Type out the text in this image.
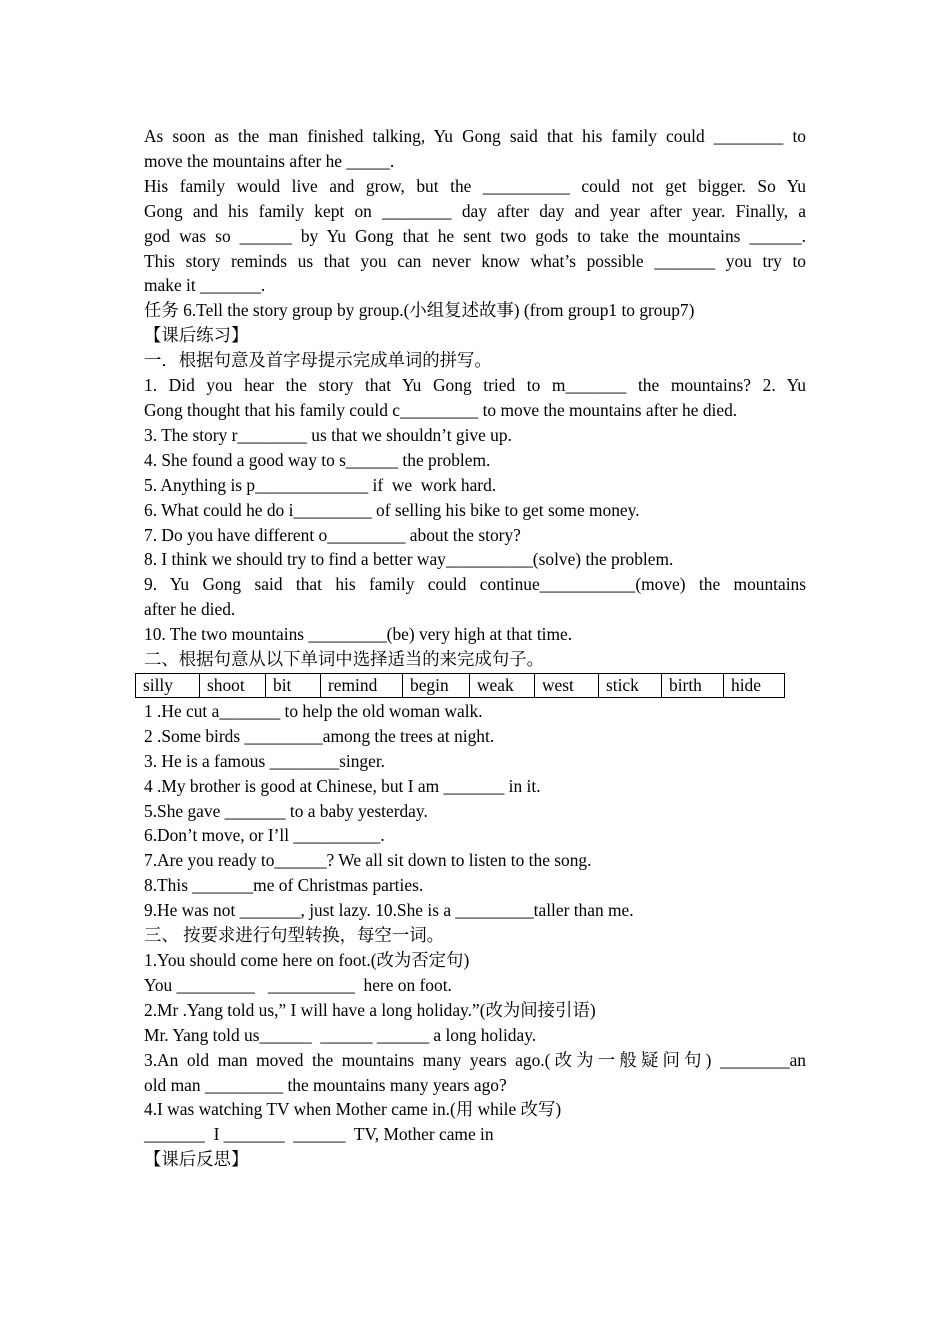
As soon as the man finished talking, Yu Gong said that his family could ________ to
move the mountains after he _____.
His family would live and grow, but the __________ could not get bigger. So Yu
Gong and his family kept on ________ day after day and year after year. Finally, a
god was so ______ by Yu Gong that he sent two gods to take the mountains ______.
This story reminds us that you can never know what’s possible _______ you try to
make it _______.
任务 6.Tell the story group by group.(小组复述故事) (from group1 to group7)
【课后练习】
一．根据句意及首字母提示完成单词的拼写。
1. Did you hear the story that Yu Gong tried to m_______ the mountains? 2. Yu
Gong thought that his family could c_________ to move the mountains after he died.
3. The story r________ us that we shouldn’t give up.
4. She found a good way to s______ the problem.
5. Anything is p_____________ if  we  work hard.
6. What could he do i_________ of selling his bike to get some money.
7. Do you have different o_________ about the story?
8. I think we should try to find a better way__________(solve) the problem.
9. Yu Gong said that his family could continue___________(move) the mountains
after he died.
10. The two mountains _________(be) very high at that time.
二、根据句意从以下单词中选择适当的来完成句子。
silly	shoot	bit	remind	begin	weak	west	stick	birth	hide
1 .He cut a_______ to help the old woman walk.
2 .Some birds _________among the trees at night.
3. He is a famous ________singer.
4 .My brother is good at Chinese, but I am _______ in it.
5.She gave _______ to a baby yesterday.
6.Don’t move, or I’ll __________.
7.Are you ready to______? We all sit down to listen to the song.
8.This _______me of Christmas parties.
9.He was not _______, just lazy. 10.She is a _________taller than me.
三、 按要求进行句型转换，每空一词。
1.You should come here on foot.(改为否定句)
You _________   __________  here on foot.
2.Mr .Yang told us,” I will have a long holiday.”(改为间接引语)
Mr. Yang told us______  ______ ______ a long holiday.
3.An old man moved the mountains many years ago.(改为一般疑问句) ________an
old man _________ the mountains many years ago?
4.I was watching TV when Mother came in.(用 while 改写)
_______  I _______  ______  TV, Mother came in
【课后反思】
